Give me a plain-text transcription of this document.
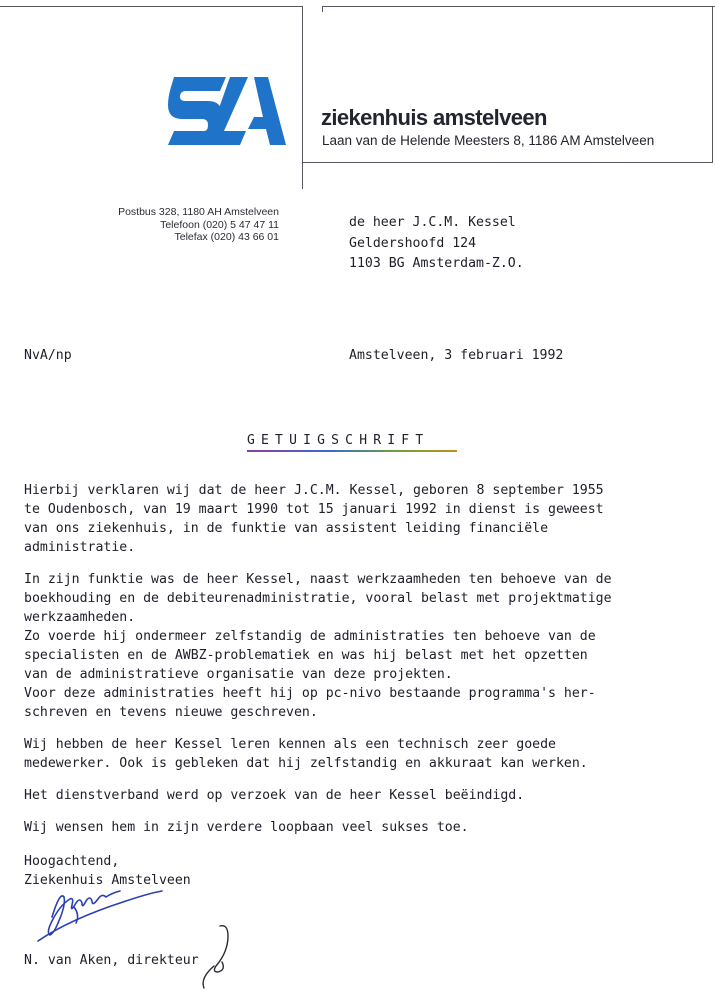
ziekenhuis amstelveen
Laan van de Helende Meesters 8, 1186 AM Amstelveen
Postbus 328, 1180 AH Amstelveen
Telefoon (020) 5 47 47 11
Telefax (020) 43 66 01
de heer J.C.M. Kessel
Geldershoofd 124
1103 BG Amsterdam-Z.O.
NvA/np	Amstelveen, 3 februari 1992
GETUIGSCHRIFT
Hierbij verklaren wij dat de heer J.C.M. Kessel, geboren 8 september 1955
te Oudenbosch, van 19 maart 1990 tot 15 januari 1992 in dienst is geweest
van ons ziekenhuis, in de funktie van assistent leiding financiële
administratie.
In zijn funktie was de heer Kessel, naast werkzaamheden ten behoeve van de
boekhouding en de debiteurenadministratie, vooral belast met projektmatige
werkzaamheden.
Zo voerde hij ondermeer zelfstandig de administraties ten behoeve van de
specialisten en de AWBZ-problematiek en was hij belast met het opzetten
van de administratieve organisatie van deze projekten.
Voor deze administraties heeft hij op pc-nivo bestaande programma's her-
schreven en tevens nieuwe geschreven.
Wij hebben de heer Kessel leren kennen als een technisch zeer goede
medewerker. Ook is gebleken dat hij zelfstandig en akkuraat kan werken.
Het dienstverband werd op verzoek van de heer Kessel beëindigd.
Wij wensen hem in zijn verdere loopbaan veel sukses toe.
Hoogachtend,
Ziekenhuis Amstelveen
N. van Aken, direkteur
